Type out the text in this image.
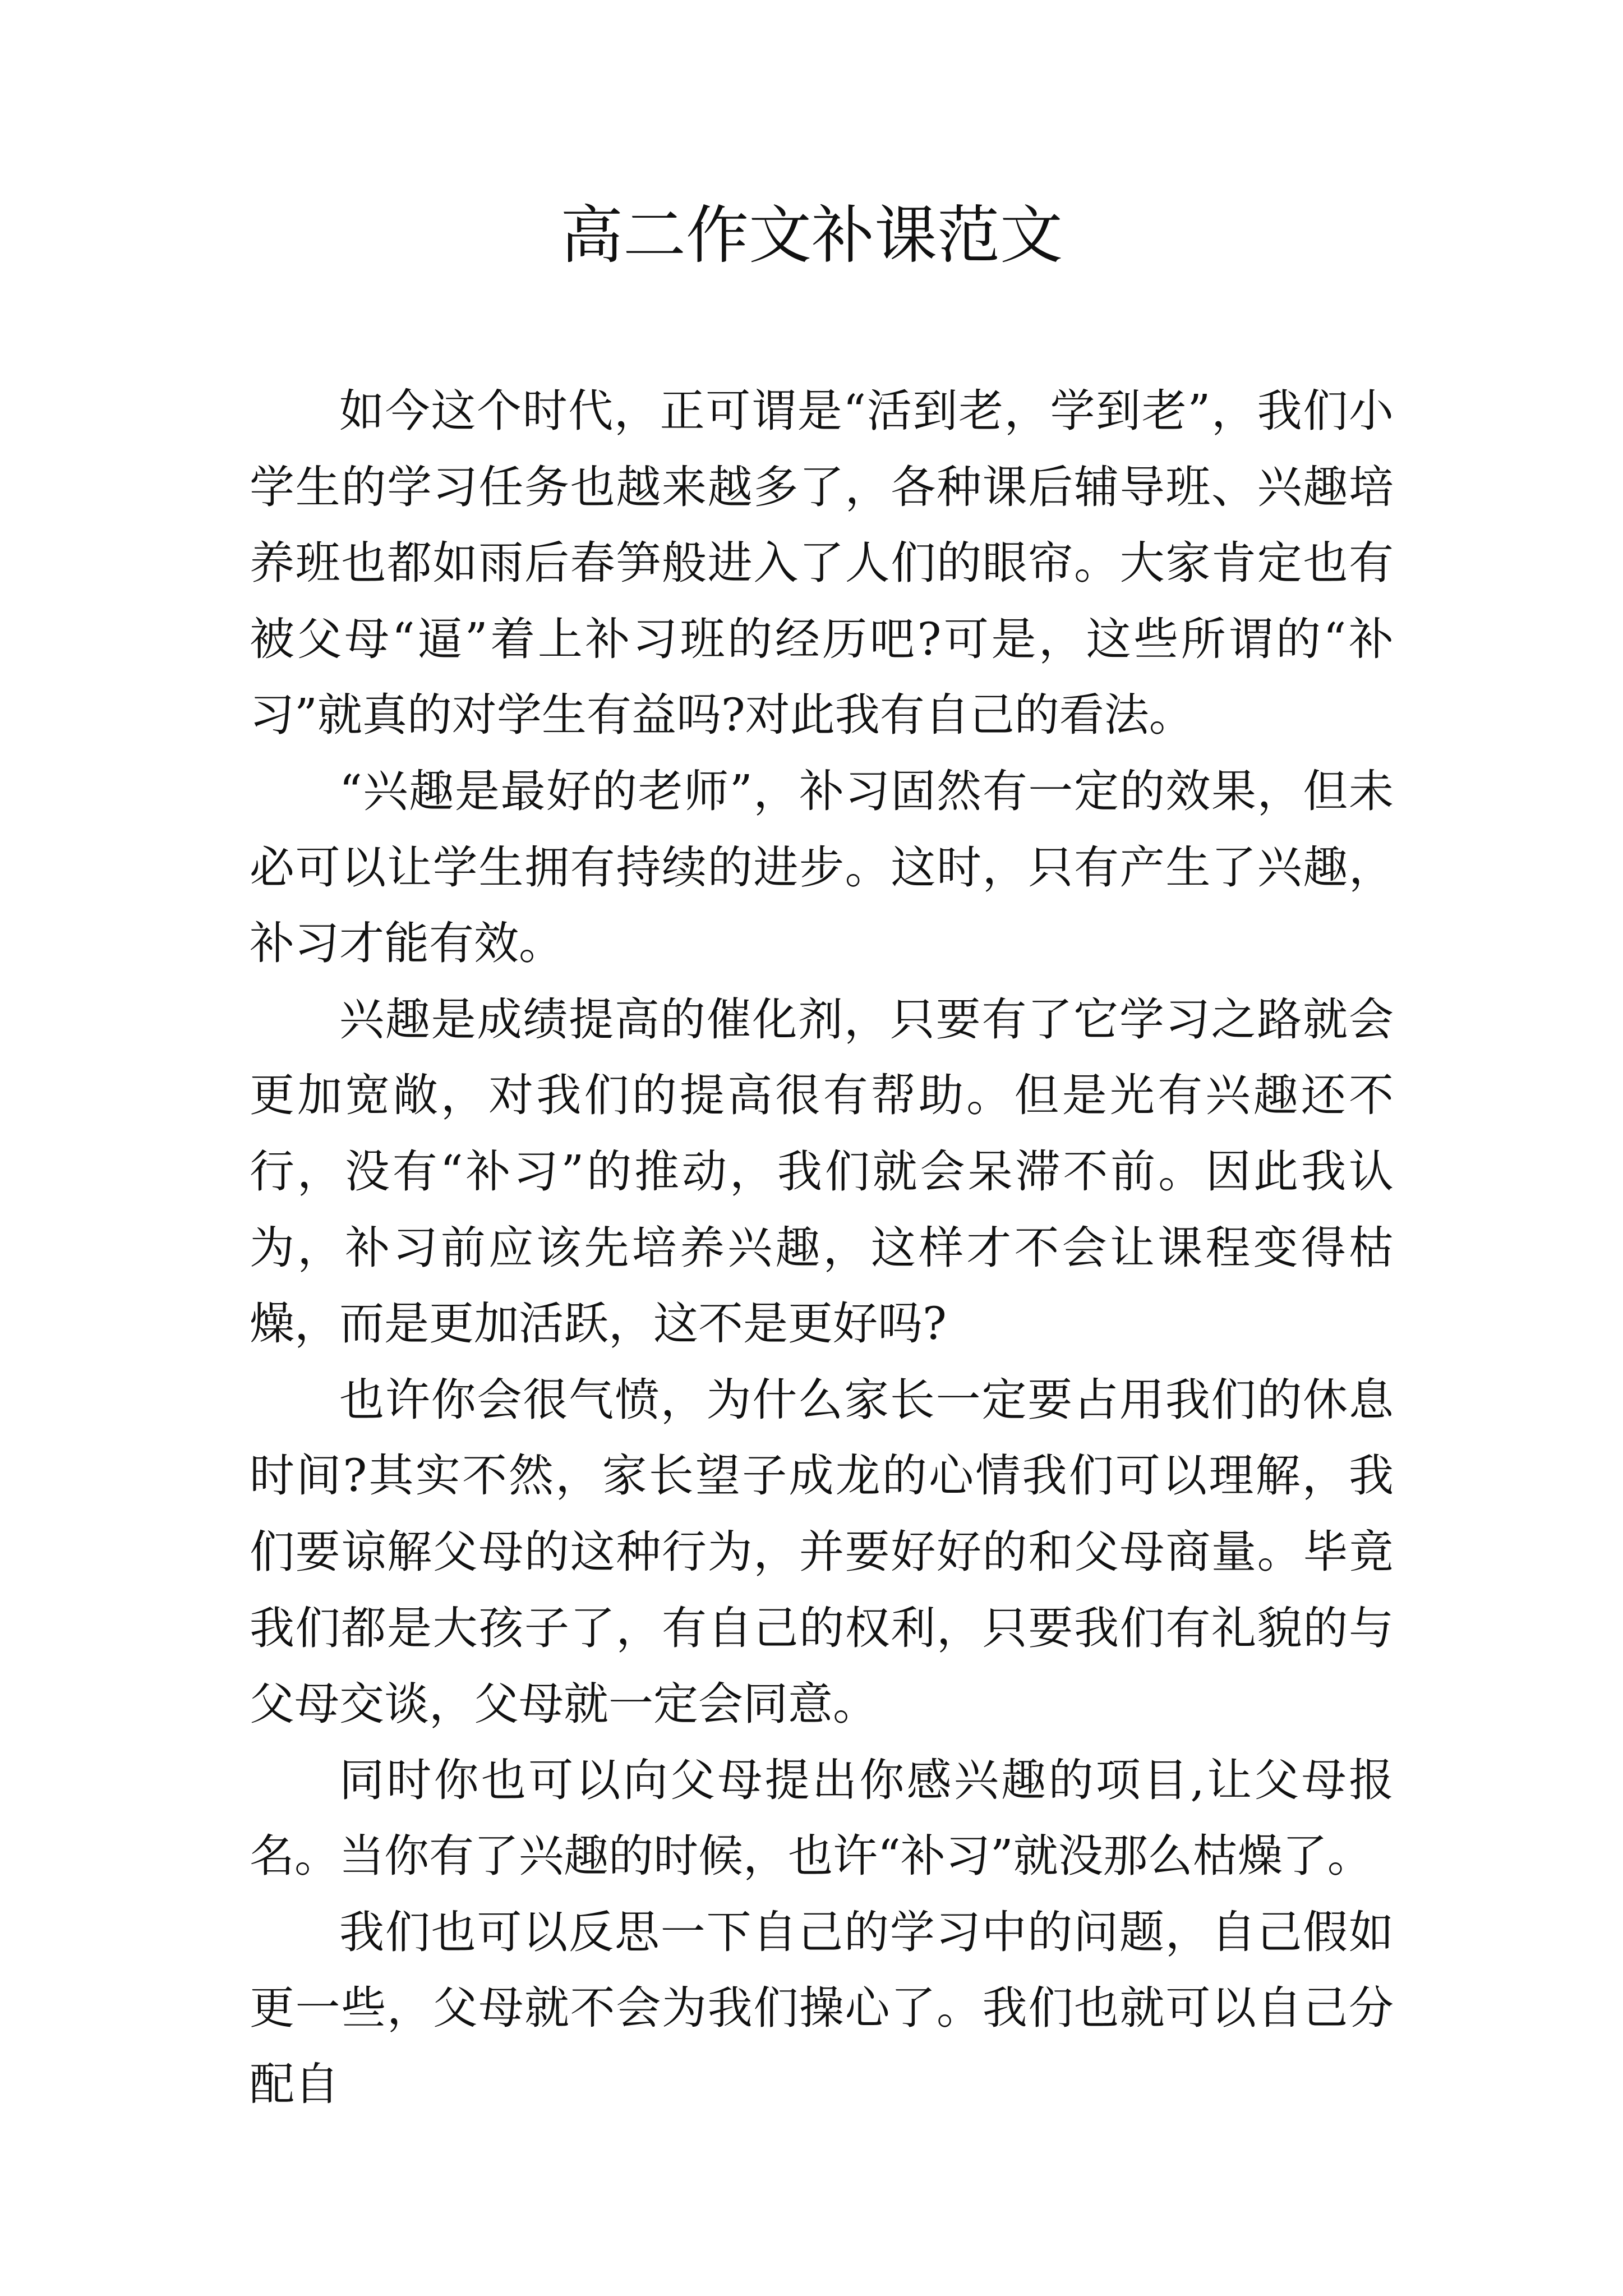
高二作文补课范文

如今这个时代，正可谓是“活到老，学到老”，我们小学生的学习任务也越来越多了，各种课后辅导班、兴趣培养班也都如雨后春笋般进入了人们的眼帘。大家肯定也有被父母“逼”着上补习班的经历吧?可是，这些所谓的“补习”就真的对学生有益吗?对此我有自己的看法。

“兴趣是最好的老师”，补习固然有一定的效果，但未必可以让学生拥有持续的进步。这时，只有产生了兴趣，补习才能有效。

兴趣是成绩提高的催化剂，只要有了它学习之路就会更加宽敞，对我们的提高很有帮助。但是光有兴趣还不行，没有“补习”的推动，我们就会呆滞不前。因此我认为，补习前应该先培养兴趣，这样才不会让课程变得枯燥，而是更加活跃，这不是更好吗?

也许你会很气愤，为什么家长一定要占用我们的休息时间?其实不然，家长望子成龙的心情我们可以理解，我们要谅解父母的这种行为，并要好好的和父母商量。毕竟我们都是大孩子了，有自己的权利，只要我们有礼貌的与父母交谈，父母就一定会同意。

同时你也可以向父母提出你感兴趣的项目,让父母报名。当你有了兴趣的时候，也许“补习”就没那么枯燥了。

我们也可以反思一下自己的学习中的问题，自己假如更一些，父母就不会为我们操心了。我们也就可以自己分配自
